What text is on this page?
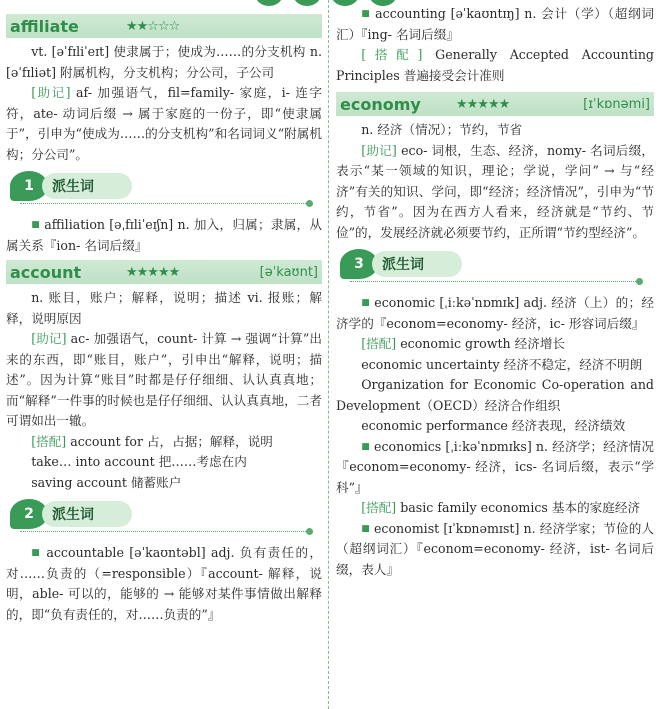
affiliate	★★☆☆☆

vt. [əˈfɪliˈeɪt] 使隶属于；使成为……的分支机构 n. [əˈfɪliət] 附属机构，分支机构；分公司，子公司

[助记] af- 加强语气，fil=family- 家庭，i- 连字符，ate- 动词后缀 → 属于家庭的一份子，即“使隶属于”，引申为“使成为……的分支机构”和名词词义“附属机构；分公司”。

1	派生词

■ affiliation [əˌfɪliˈeɪʃn] n. 加入，归属；隶属，从属关系『ion- 名词后缀』

account	★★★★★	[əˈkaʊnt]

n. 账目，账户；解释，说明；描述 vi. 报账；解释，说明原因

[助记] ac- 加强语气，count- 计算 → 强调“计算”出来的东西，即“账目，账户”，引申出“解释，说明；描述”。因为计算“账目”时都是仔仔细细、认认真真地；而“解释”一件事的时候也是仔仔细细、认认真真地，二者可谓如出一辙。

[搭配] account for 占，占据；解释，说明

take… into account 把……考虑在内

saving account 储蓄账户

2	派生词

■ accountable [əˈkaʊntəbl] adj. 负有责任的，对……负责的（=responsible）『account- 解释，说明，able- 可以的，能够的 → 能够对某件事情做出解释的，即“负有责任的，对……负责的”』

■ accounting [əˈkaʊntɪŋ] n. 会计（学）（超纲词汇）『ing- 名词后缀』

[搭配] Generally Accepted Accounting Principles 普遍接受会计准则

economy	★★★★★	[ɪˈkɒnəmi]

n. 经济（情况）；节约，节省

[助记] eco- 词根，生态、经济，nomy- 名词后缀，表示“某一领域的知识，理论；学说，学问” → 与“经济”有关的知识、学问，即“经济；经济情况”，引申为“节约，节省”。因为在西方人看来，经济就是“节约、节俭”的，发展经济就必须要节约，正所谓“节约型经济”。

3	派生词

■ economic [ˌiːkəˈnɒmɪk] adj. 经济（上）的；经济学的『econom=economy- 经济，ic- 形容词后缀』

[搭配] economic growth 经济增长

economic uncertainty 经济不稳定，经济不明朗

Organization for Economic Co-operation and Development（OECD）经济合作组织

economic performance 经济表现，经济绩效

■ economics [ˌiːkəˈnɒmɪks] n. 经济学；经济情况『econom=economy- 经济，ics- 名词后缀，表示“学科”』

[搭配] basic family economics 基本的家庭经济

■ economist [ɪˈkɒnəmɪst] n. 经济学家；节俭的人（超纲词汇）『econom=economy- 经济，ist- 名词后缀，表人』
